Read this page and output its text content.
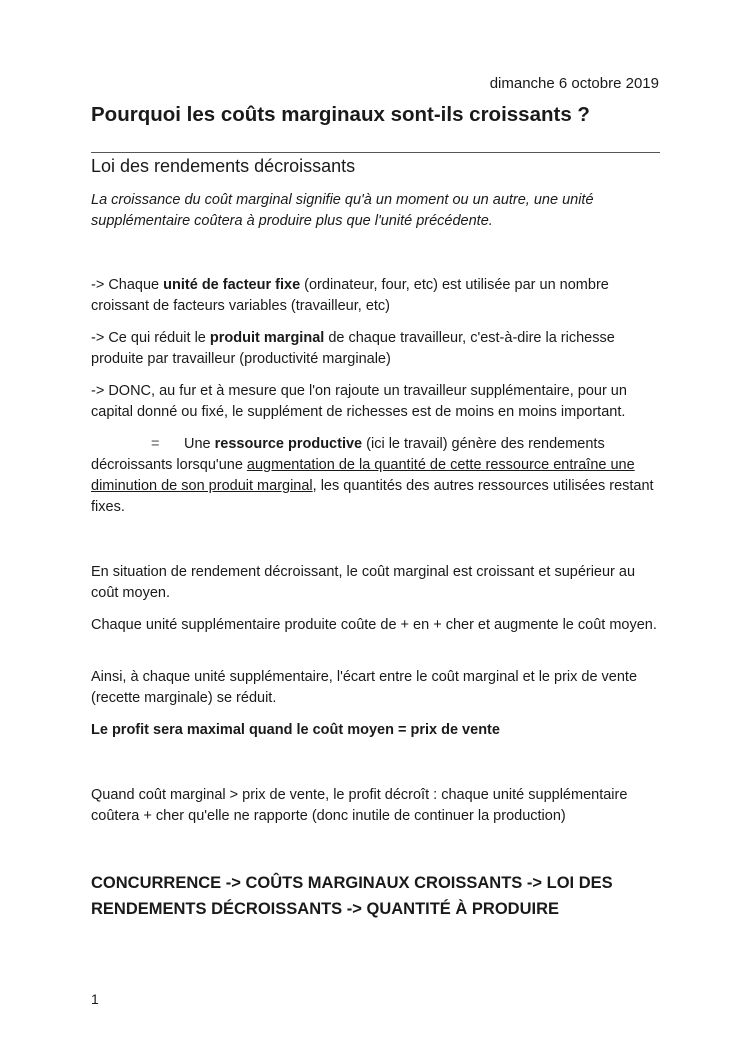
dimanche 6 octobre 2019
Pourquoi les coûts marginaux sont-ils croissants ?
Loi des rendements décroissants

La croissance du coût marginal signifie qu'à un moment ou un autre, une unité supplémentaire coûtera à produire plus que l'unité précédente.

-> Chaque unité de facteur fixe (ordinateur, four, etc) est utilisée par un nombre croissant de facteurs variables (travailleur, etc)

-> Ce qui réduit le produit marginal de chaque travailleur, c'est-à-dire la richesse produite par travailleur (productivité marginale)

-> DONC, au fur et à mesure que l'on rajoute un travailleur supplémentaire, pour un capital donné ou fixé, le supplément de richesses est de moins en moins important.

= Une ressource productive (ici le travail) génère des rendements décroissants lorsqu'une augmentation de la quantité de cette ressource entraîne une diminution de son produit marginal, les quantités des autres ressources utilisées restant fixes.

En situation de rendement décroissant, le coût marginal est croissant et supérieur au coût moyen.

Chaque unité supplémentaire produite coûte de + en + cher et augmente le coût moyen.

Ainsi, à chaque unité supplémentaire, l'écart entre le coût marginal et le prix de vente (recette marginale) se réduit.

Le profit sera maximal quand le coût moyen = prix de vente

Quand coût marginal > prix de vente, le profit décroît : chaque unité supplémentaire coûtera + cher qu'elle ne rapporte (donc inutile de continuer la production)

CONCURRENCE -> COÛTS MARGINAUX CROISSANTS -> LOI DES RENDEMENTS DÉCROISSANTS -> QUANTITÉ À PRODUIRE

1
